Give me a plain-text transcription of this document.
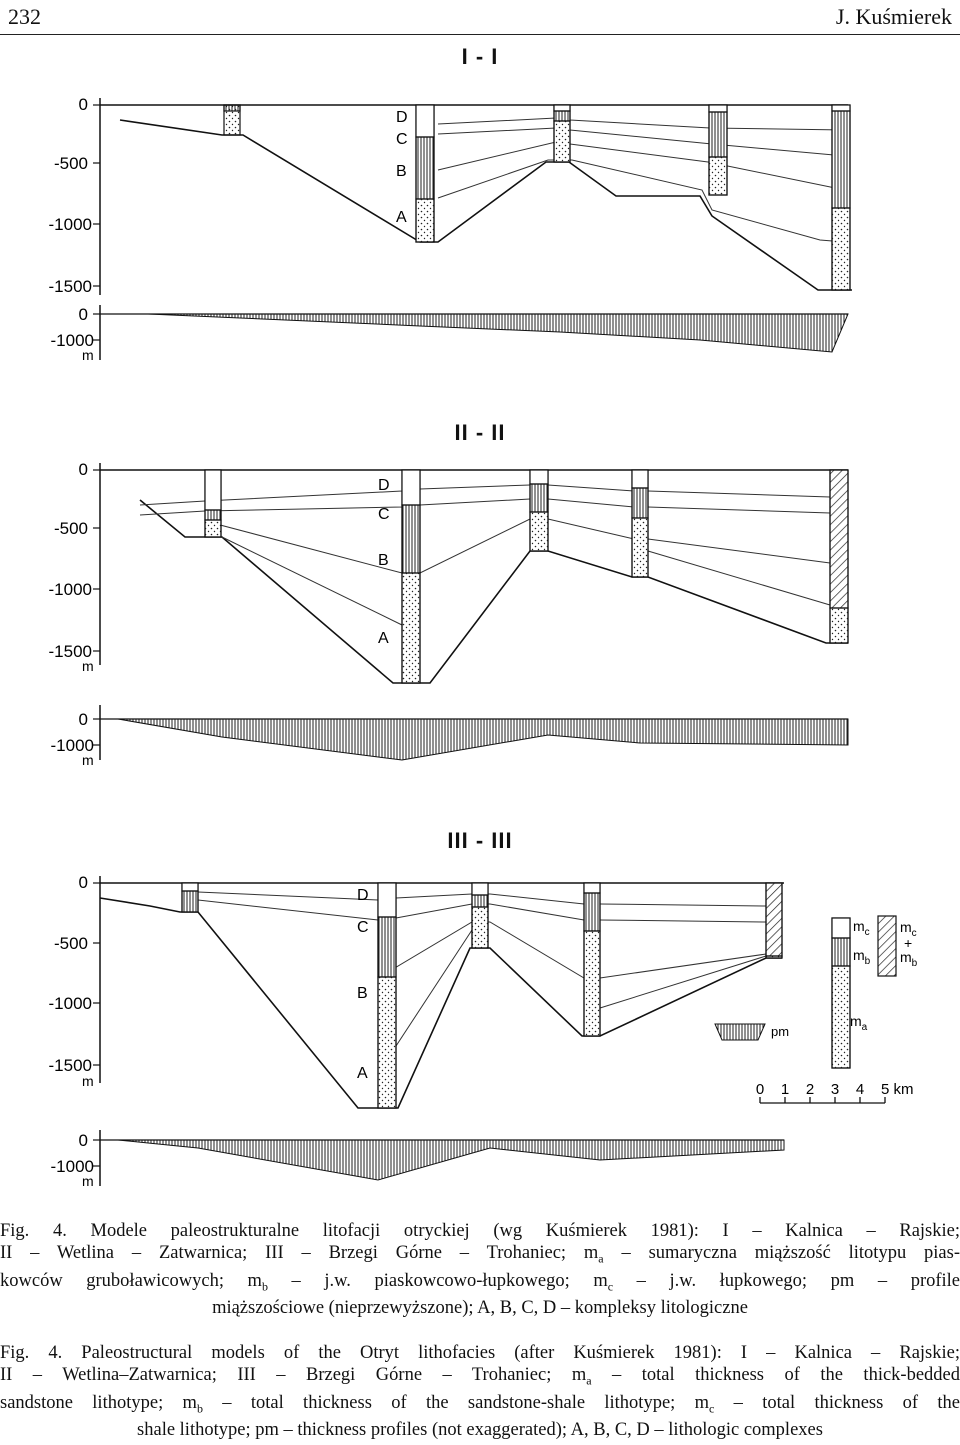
232	J. Kuśmierek
I - I
II - II
III - III
0
-500
-1000
-1500
D
C
B
A
0
-1000
m
0
-500
-1000
-1500
m
D
C
B
A
0
-1000
m
0
-500
-1000
-1500
m
D
C
B
A
$m_c$
$m_b$
$m_a$
$m_c$
+
$m_b$
pm
0 1 2 3 4 5 km
0
-1000
m
Fig. 4. Modele paleostrukturalne litofacji otryckiej (wg Kuśmierek 1981): I – Kalnica – Rajskie;
II – Wetlina – Zatwarnica; III – Brzegi Górne – Trohaniec; $m_a$ – sumaryczna miąższość litotypu pias-
kowców gruboławicowych; $m_b - j.w$. piaskowcowo-łupkowego; $m_c - j.w$. łupkowego; pm – profile
miąższościowe (nieprzewyższone); A, B, C, D – kompleksy litologiczne
Fig. 4. Paleostructural models of the Otryt lithofacies (after Kuśmierek 1981): I – Kalnica – Rajskie;
II – Wetlina–Zatwarnica; III – Brzegi Górne – Trohaniec; $m_a$ – total thickness of the thick-bedded
sandstone lithotype; $m_b$ – total thickness of the sandstone-shale lithotype; $m_c$ – total thickness of the
shale lithotype; pm – thickness profiles (not exaggerated); A, B, C, D – lithologic complexes
